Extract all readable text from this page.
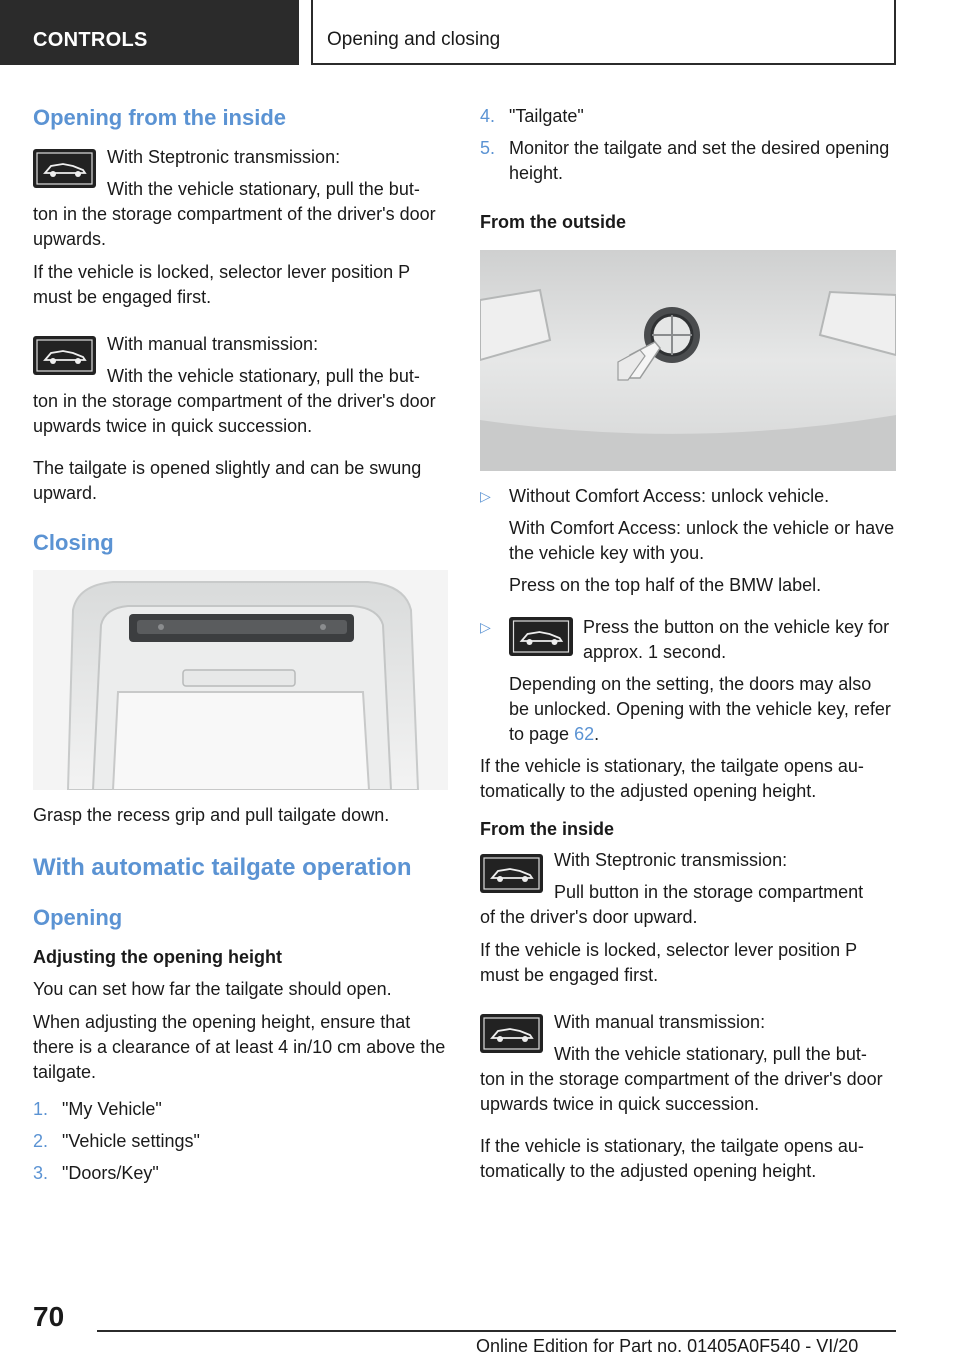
CONTROLS	Opening and closing
Opening from the inside

With Steptronic transmission:

With the vehicle stationary, pull the but-

ton in the storage compartment of the driver's door upwards.

If the vehicle is locked, selector lever position P must be engaged first.

With manual transmission:

With the vehicle stationary, pull the but-

ton in the storage compartment of the driver's door upwards twice in quick succession.

The tailgate is opened slightly and can be swung upward.

Closing

Grasp the recess grip and pull tailgate down.

With automatic tailgate operation
Opening
Adjusting the opening height

You can set how far the tailgate should open.

When adjusting the opening height, ensure that there is a clearance of at least 4 in/10 cm above the tailgate.

1. "My Vehicle"
2. "Vehicle settings"
3. "Doors/Key"
4. "Tailgate"
5. Monitor the tailgate and set the desired opening height.
From the outside
▷ Without Comfort Access: unlock vehicle.

With Comfort Access: unlock the vehicle or have the vehicle key with you.

Press on the top half of the BMW label.

▷	Press the button on the vehicle key for approx. 1 second.

Depending on the setting, the doors may also be unlocked. Opening with the vehicle key, refer to page 62.

If the vehicle is stationary, the tailgate opens au- tomatically to the adjusted opening height.

From the inside

With Steptronic transmission:

Pull button in the storage compartment

of the driver's door upward.

If the vehicle is locked, selector lever position P must be engaged first.

With manual transmission:

With the vehicle stationary, pull the but-

ton in the storage compartment of the driver's door upwards twice in quick succession.

If the vehicle is stationary, the tailgate opens au- tomatically to the adjusted opening height.

70
Online Edition for Part no. 01405A0F540 - VI/20
